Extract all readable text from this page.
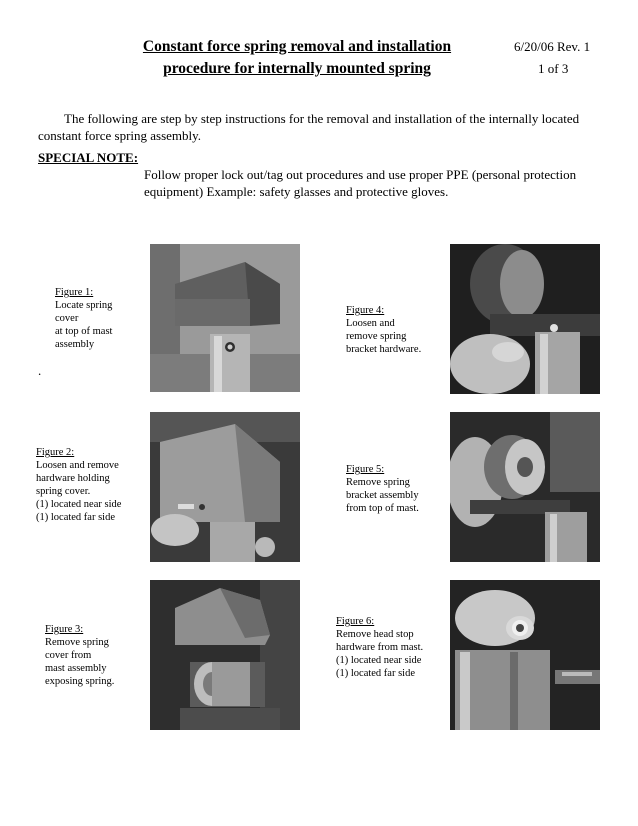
Constant force spring removal and installation
procedure for internally mounted spring
6/20/06 Rev. 1
1 of 3
The following are step by step instructions for the removal and installation of the internally located
constant force spring assembly.
SPECIAL NOTE:
Follow proper lock out/tag out procedures and use proper PPE (personal protection
equipment) Example: safety glasses and protective gloves.
.
Figure 1:
Locate spring
cover
at top of mast
assembly
Figure 2:
Loosen and remove
hardware holding
spring cover.
(1) located near side
(1) located far side
Figure 3:
Remove spring
cover from
mast assembly
exposing spring.
Figure 4:
Loosen and
remove spring
bracket hardware.
Figure 5:
Remove spring
bracket assembly
from top of mast.
Figure 6:
Remove head stop
hardware from mast.
(1) located near side
(1) located far side
